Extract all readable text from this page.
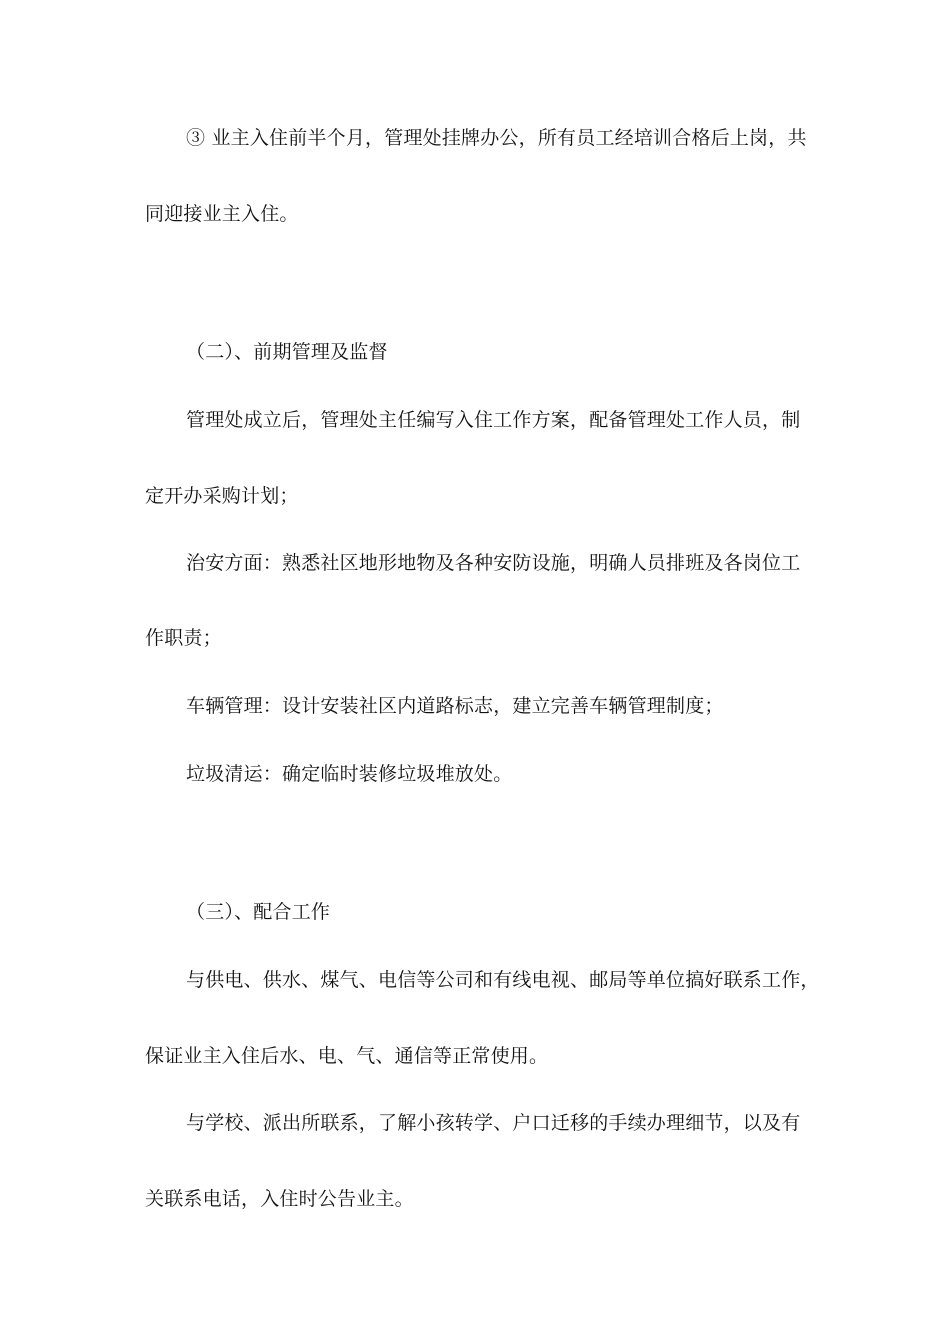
③ 业主入住前半个月，管理处挂牌办公，所有员工经培训合格后上岗，共
同迎接业主入住。
（二）、前期管理及监督
管理处成立后，管理处主任编写入住工作方案，配备管理处工作人员，制
定开办采购计划；
治安方面：熟悉社区地形地物及各种安防设施，明确人员排班及各岗位工
作职责；
车辆管理：设计安装社区内道路标志，建立完善车辆管理制度；
垃圾清运：确定临时装修垃圾堆放处。
（三）、配合工作
与供电、供水、煤气、电信等公司和有线电视、邮局等单位搞好联系工作，
保证业主入住后水、电、气、通信等正常使用。
与学校、派出所联系，了解小孩转学、户口迁移的手续办理细节，以及有
关联系电话，入住时公告业主。
